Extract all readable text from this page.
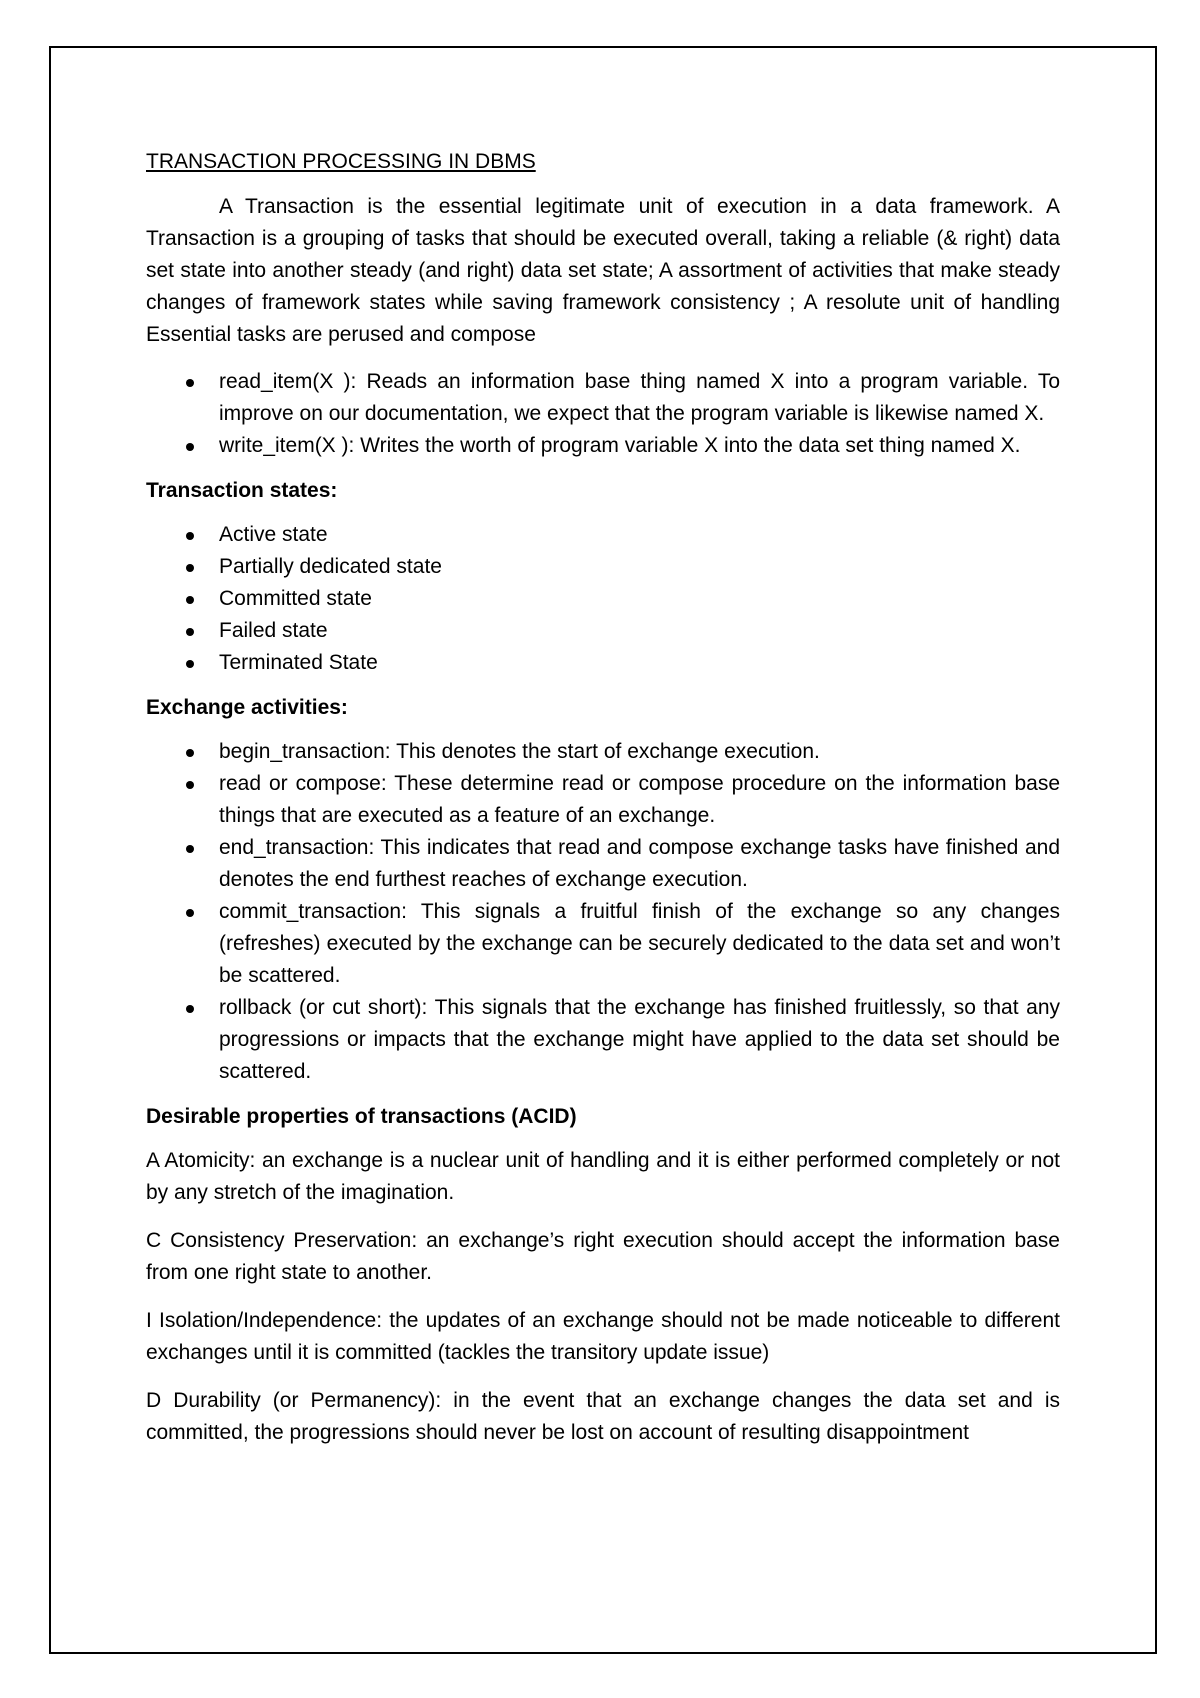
TRANSACTION PROCESSING IN DBMS

A Transaction is the essential legitimate unit of execution in a data framework. A Transaction is a grouping of tasks that should be executed overall, taking a reliable (& right) data set state into another steady (and right) data set state; A assortment of activities that make steady changes of framework states while saving framework consistency ; A resolute unit of handling Essential tasks are perused and compose

read_item(X ): Reads an information base thing named X into a program variable. To improve on our documentation, we expect that the program variable is likewise named X.
write_item(X ): Writes the worth of program variable X into the data set thing named X.
Transaction states:
Active state
Partially dedicated state
Committed state
Failed state
Terminated State
Exchange activities:
begin_transaction: This denotes the start of exchange execution.
read or compose: These determine read or compose procedure on the information base things that are executed as a feature of an exchange.
end_transaction: This indicates that read and compose exchange tasks have finished and denotes the end furthest reaches of exchange execution.
commit_transaction: This signals a fruitful finish of the exchange so any changes (refreshes) executed by the exchange can be securely dedicated to the data set and won’t be scattered.
rollback (or cut short): This signals that the exchange has finished fruitlessly, so that any progressions or impacts that the exchange might have applied to the data set should be scattered.
Desirable properties of transactions (ACID)

A Atomicity: an exchange is a nuclear unit of handling and it is either performed completely or not by any stretch of the imagination.

C Consistency Preservation: an exchange’s right execution should accept the information base from one right state to another.

I Isolation/Independence: the updates of an exchange should not be made noticeable to different exchanges until it is committed (tackles the transitory update issue)

D Durability (or Permanency): in the event that an exchange changes the data set and is committed, the progressions should never be lost on account of resulting disappointment
